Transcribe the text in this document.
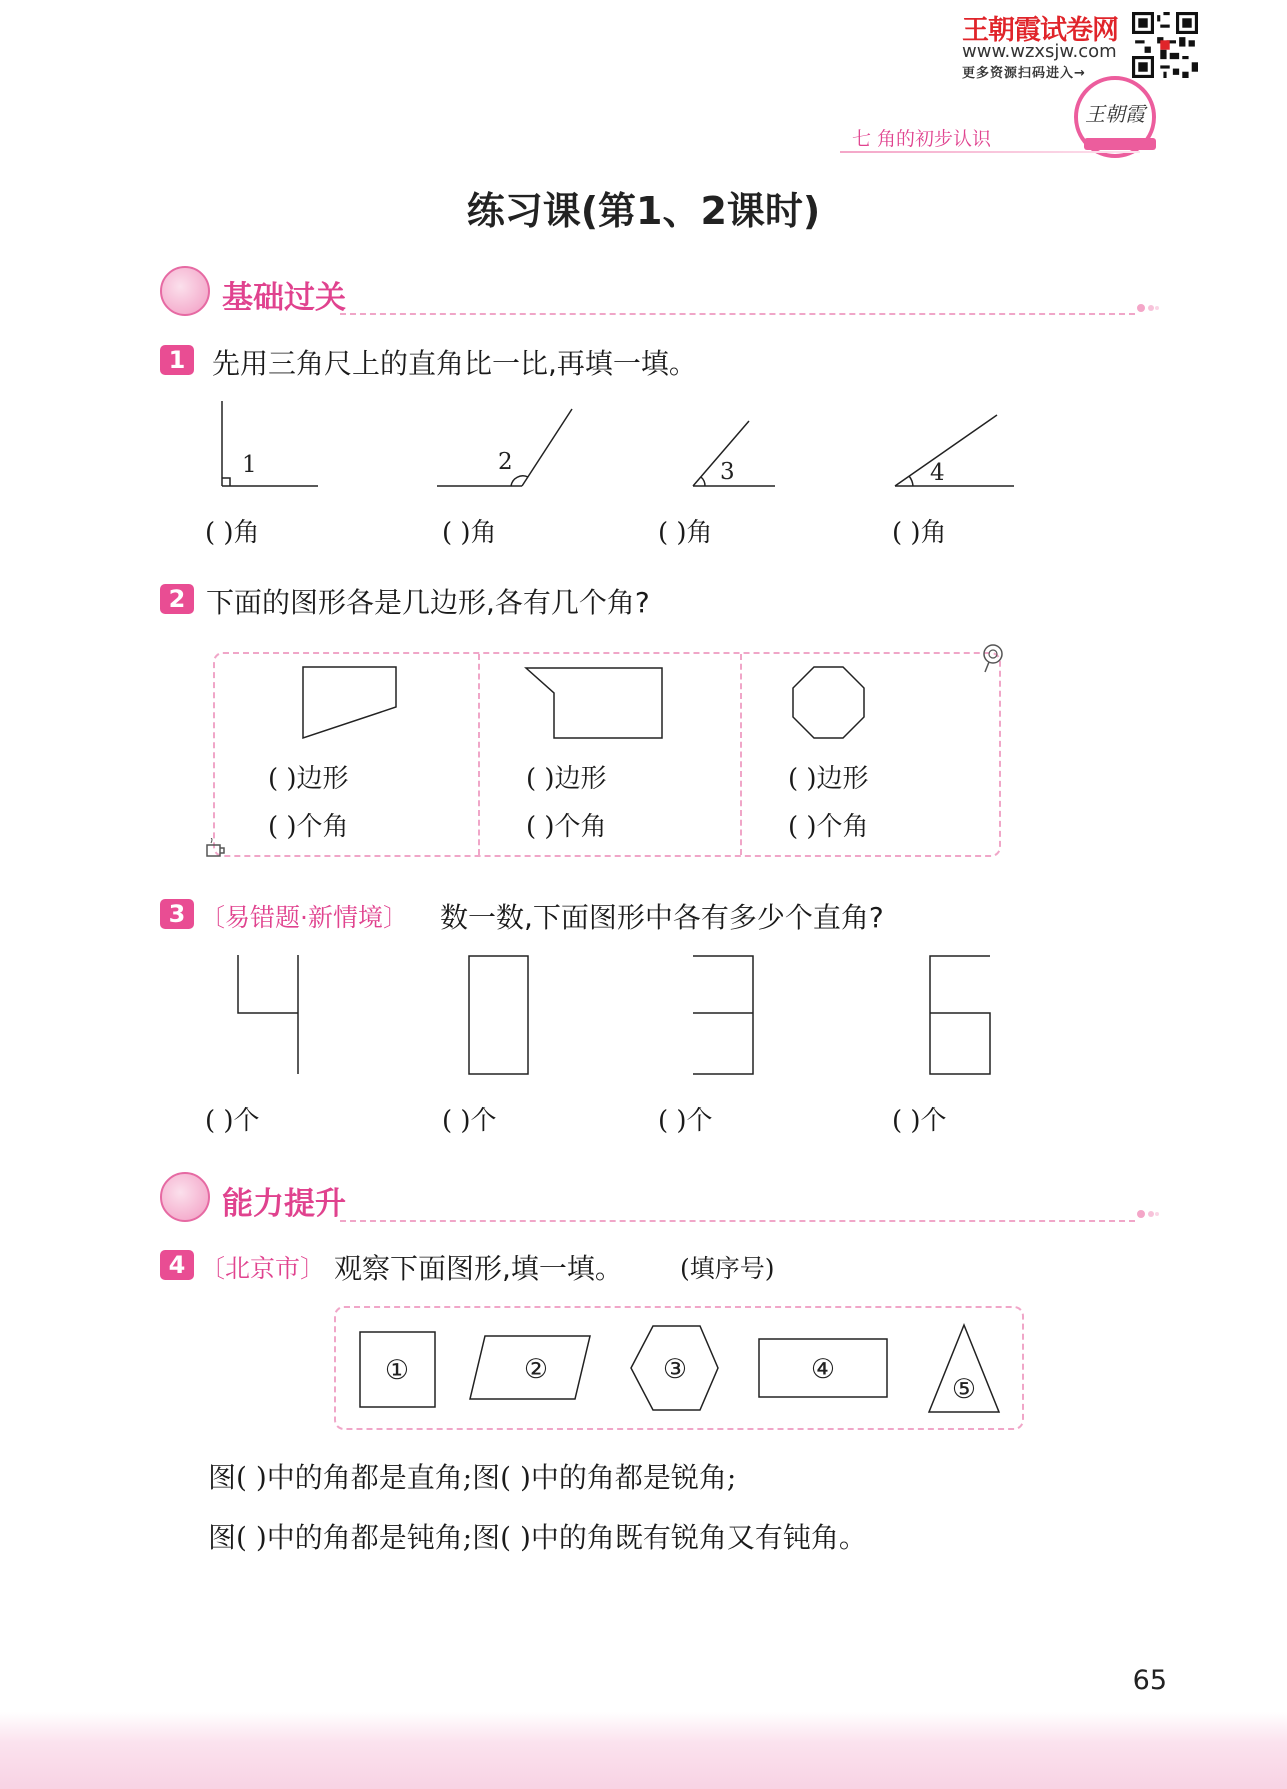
王朝霞试卷网
www.wzxsjw.com
更多资源扫码进入→
王朝霞
七 角的初步认识
练习课(第1、2课时)
基础过关
1 先用三角尺上的直角比一比,再填一填。
1	2	3	4
( )角	( )角	( )角	( )角
2 下面的图形各是几边形,各有几个角?
( )边形
( )个角
( )边形
( )个角
( )边形
( )个角
3 〔易错题·新情境〕 数一数,下面图形中各有多少个直角?
( )个	( )个	( )个	( )个
能力提升
4 〔北京市〕 观察下面图形,填一填。 (填序号)
①	②	③	④
⑤
图( )中的角都是直角;图( )中的角都是锐角;
图( )中的角都是钝角;图( )中的角既有锐角又有钝角。
65
